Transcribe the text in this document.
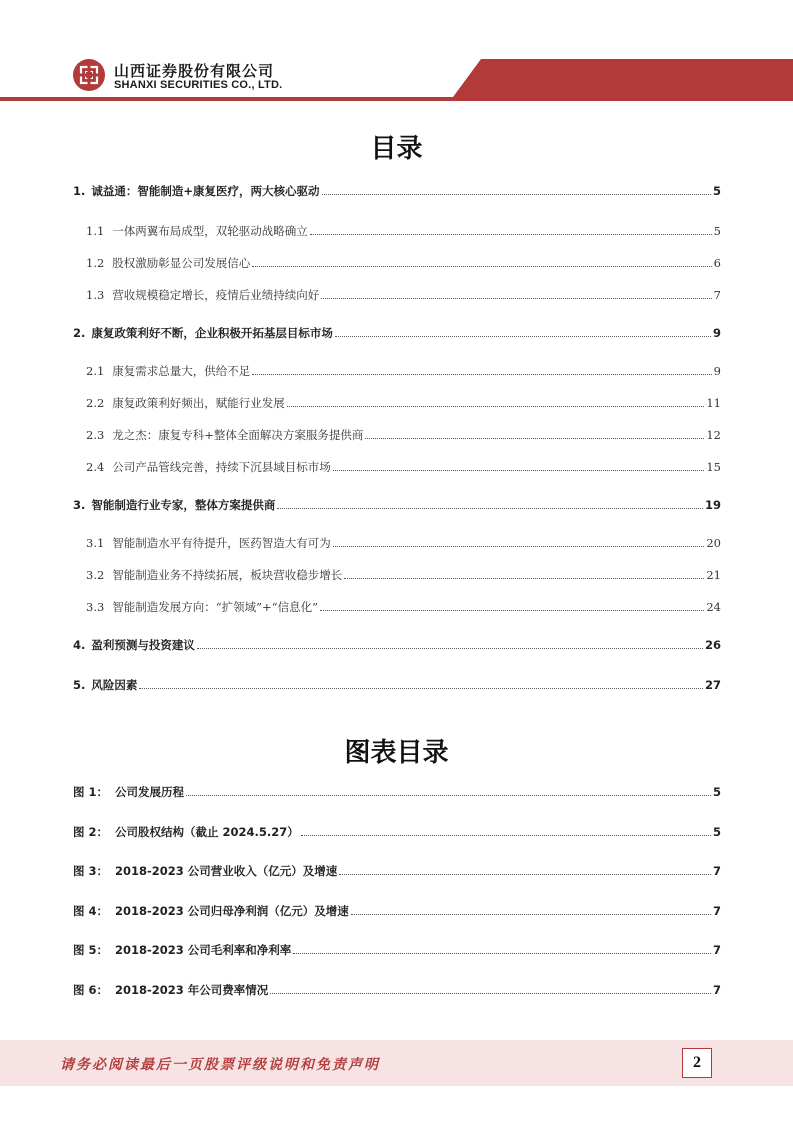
山西证券股份有限公司
SHANXI SECURITIES CO., LTD.
公司研究/深度分析
目录
1. 诚益通：智能制造+康复医疗，两大核心驱动	5
1.1 一体两翼布局成型，双轮驱动战略确立	5
1.2 股权激励彰显公司发展信心	6
1.3 营收规模稳定增长，疫情后业绩持续向好	7
2. 康复政策利好不断，企业积极开拓基层目标市场	9
2.1 康复需求总量大，供给不足	9
2.2 康复政策利好频出，赋能行业发展	11
2.3 龙之杰：康复专科+整体全面解决方案服务提供商	12
2.4 公司产品管线完善，持续下沉县域目标市场	15
3. 智能制造行业专家，整体方案提供商	19
3.1 智能制造水平有待提升，医药智造大有可为	20
3.2 智能制造业务不持续拓展，板块营收稳步增长	21
3.3 智能制造发展方向：“扩领域”+“信息化”	24
4. 盈利预测与投资建议	26
5. 风险因素	27
图表目录
图 1： 公司发展历程	5
图 2： 公司股权结构（截止 2024.5.27）	5
图 3： 2018-2023 公司营业收入（亿元）及增速	7
图 4： 2018-2023 公司归母净利润（亿元）及增速	7
图 5： 2018-2023 公司毛利率和净利率	7
图 6： 2018-2023 年公司费率情况	7
请务必阅读最后一页股票评级说明和免责声明	2
